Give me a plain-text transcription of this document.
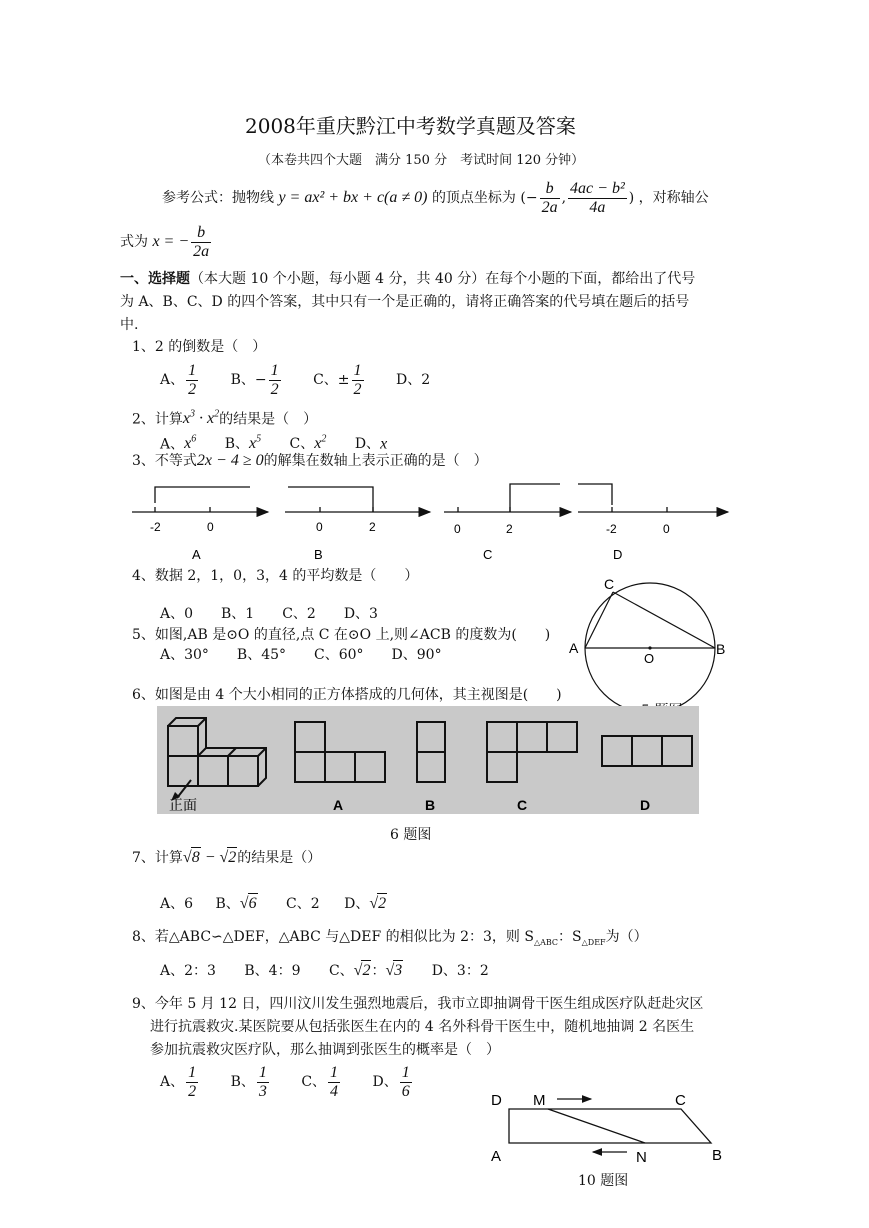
2008年重庆黔江中考数学真题及答案
（本卷共四个大题　满分 150 分　考试时间 120 分钟）
参考公式：抛物线 y = ax² + bx + c(a ≠ 0) 的顶点坐标为 (− $\frac{b}{2a}$ , $\frac{\text{4ac − b²}}{4a}$ ) ，对称轴公
式为 x = − $\frac{b}{2a}$
一、选择题（本大题 10 个小题，每小题 4 分，共 40 分）在每个小题的下面，都给出了代号
为 A、B、C、D 的四个答案，其中只有一个是正确的，请将正确答案的代号填在题后的括号
中.
1、2 的倒数是（　）
A、 $\frac{1}{2}$ B、− $\frac{1}{2}$ C、± $\frac{1}{2}$ D、2
2、计算$x^3 \cdot x^2$的结果是（　）
A、$x^6$ B、$x^5$ C、$x^2$ D、x
3、不等式2x − 4 ≥ 0的解集在数轴上表示正确的是（　）
-2	0	0	2	0	2	-2	0
A	B	C	D
4、数据 2，1，0，3，4 的平均数是（　　）
A、0　　B、1　　C、2　　D、3
5、如图,AB 是⊙O 的直径,点 C 在⊙O 上,则∠ACB 的度数为(　　)
A、30°　　B、45°　　C、60°　　D、90°
C
A	B
O
6、如图是由 4 个大小相同的正方体搭成的几何体，其主视图是(　　)
正面	A	B	C	D
6 题图
7、计算√8 − √2的结果是（）
A、6 B、√6 C、2 D、√2
8、若△ABC∽△DEF，△ABC 与△DEF 的相似比为 2：3，则 $S_{\triangle ABC}$：$S_{\triangle DEF}$为（）
A、2：3 B、4：9 C、√2：√3 D、3：2
9、今年 5 月 12 日，四川汶川发生强烈地震后，我市立即抽调骨干医生组成医疗队赶赴灾区
进行抗震救灾.某医院要从包括张医生在内的 4 名外科骨干医生中，随机地抽调 2 名医生
参加抗震救灾医疗队，那么抽调到张医生的概率是（　）
A、 $\frac{1}{2}$ B、 $\frac{1}{3}$ C、 $\frac{1}{4}$ D、 $\frac{1}{6}$	D M	C
A	N	B
10 题图
